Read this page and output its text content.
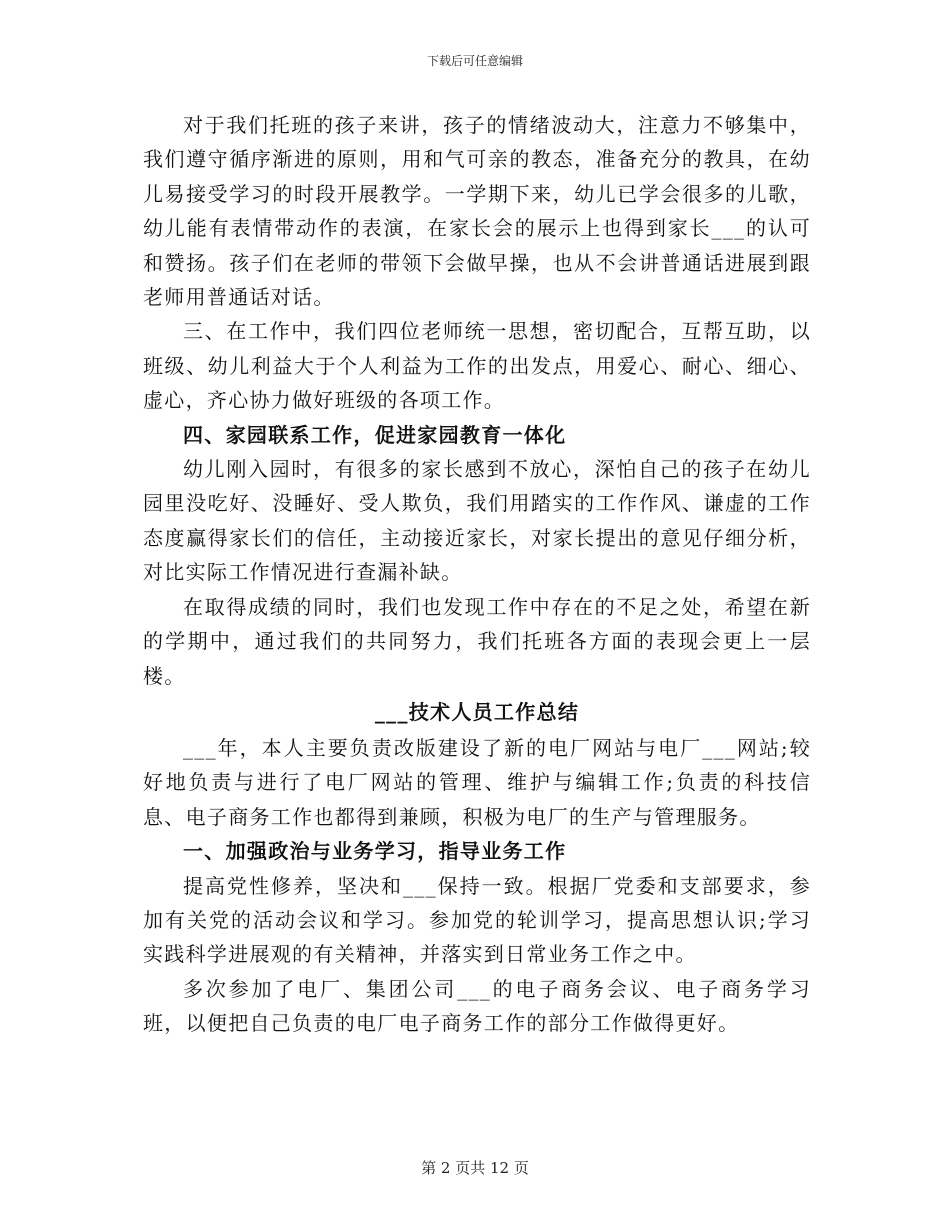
下载后可任意编辑

对于我们托班的孩子来讲，孩子的情绪波动大，注意力不够集中，我们遵守循序渐进的原则，用和气可亲的教态，准备充分的教具，在幼儿易接受学习的时段开展教学。一学期下来，幼儿已学会很多的儿歌，幼儿能有表情带动作的表演，在家长会的展示上也得到家长___的认可和赞扬。孩子们在老师的带领下会做早操，也从不会讲普通话进展到跟老师用普通话对话。

三、在工作中，我们四位老师统一思想，密切配合，互帮互助，以班级、幼儿利益大于个人利益为工作的出发点，用爱心、耐心、细心、虚心，齐心协力做好班级的各项工作。

四、家园联系工作，促进家园教育一体化

幼儿刚入园时，有很多的家长感到不放心，深怕自己的孩子在幼儿园里没吃好、没睡好、受人欺负，我们用踏实的工作作风、谦虚的工作态度赢得家长们的信任，主动接近家长，对家长提出的意见仔细分析，对比实际工作情况进行查漏补缺。

在取得成绩的同时，我们也发现工作中存在的不足之处，希望在新的学期中，通过我们的共同努力，我们托班各方面的表现会更上一层楼。

___技术人员工作总结

___年，本人主要负责改版建设了新的电厂网站与电厂___网站;较好地负责与进行了电厂网站的管理、维护与编辑工作;负责的科技信息、电子商务工作也都得到兼顾，积极为电厂的生产与管理服务。

一、加强政治与业务学习，指导业务工作

提高党性修养，坚决和___保持一致。根据厂党委和支部要求，参加有关党的活动会议和学习。参加党的轮训学习，提高思想认识;学习实践科学进展观的有关精神，并落实到日常业务工作之中。

多次参加了电厂、集团公司___的电子商务会议、电子商务学习班，以便把自己负责的电厂电子商务工作的部分工作做得更好。

第 2 页共 12 页
